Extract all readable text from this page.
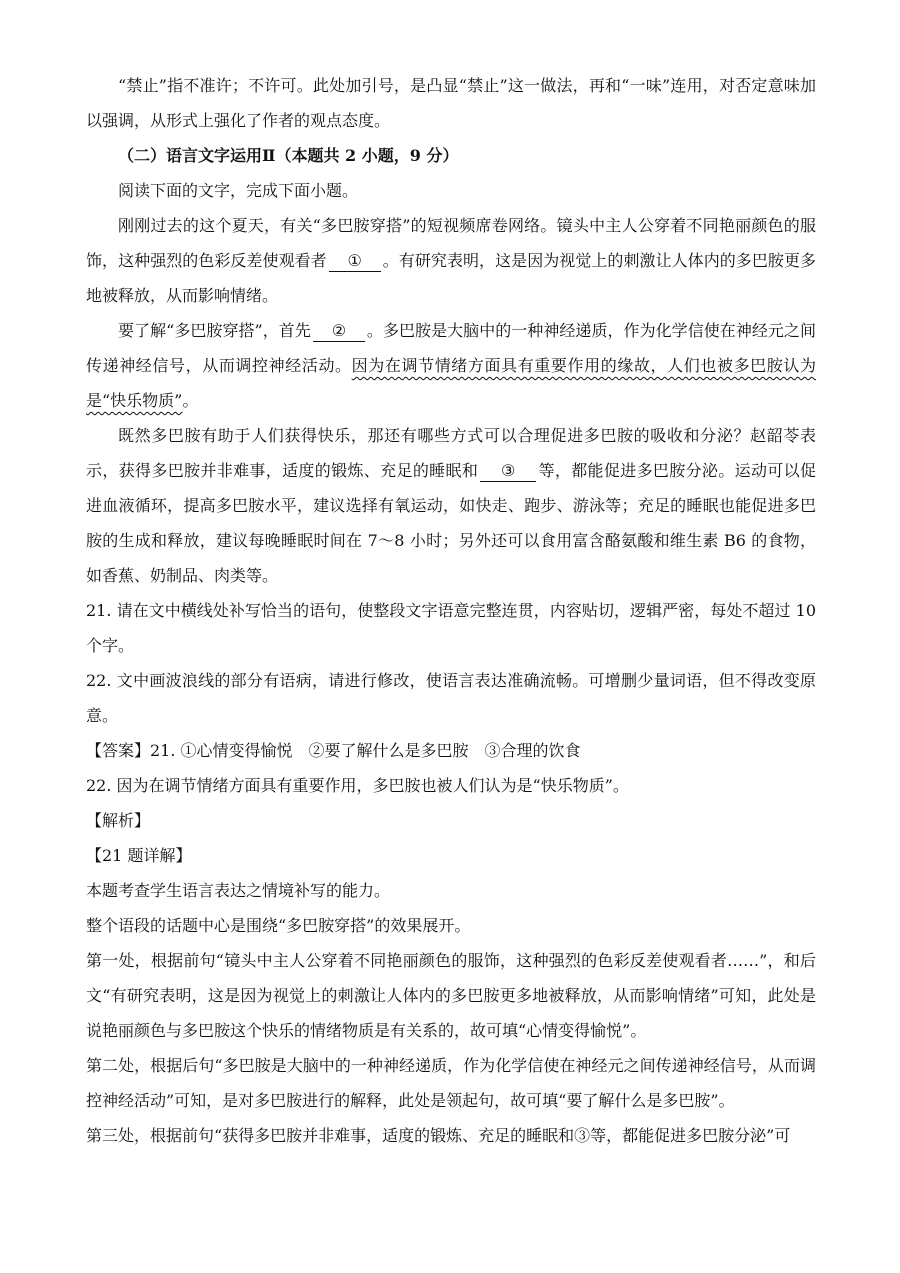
“禁止”指不准许；不许可。此处加引号，是凸显“禁止”这一做法，再和“一味”连用，对否定意味加以强调，从形式上强化了作者的观点态度。

（二）语言文字运用Ⅱ（本题共 2 小题，9 分）

阅读下面的文字，完成下面小题。

刚刚过去的这个夏天，有关“多巴胺穿搭”的短视频席卷网络。镜头中主人公穿着不同艳丽颜色的服饰，这种强烈的色彩反差使观看者 ① 。有研究表明，这是因为视觉上的刺激让人体内的多巴胺更多地被释放，从而影响情绪。

要了解“多巴胺穿搭”，首先 ② 。多巴胺是大脑中的一种神经递质，作为化学信使在神经元之间传递神经信号，从而调控神经活动。因为在调节情绪方面具有重要作用的缘故，人们也被多巴胺认为是“快乐物质”。

既然多巴胺有助于人们获得快乐，那还有哪些方式可以合理促进多巴胺的吸收和分泌？赵韶苓表示，获得多巴胺并非难事，适度的锻炼、充足的睡眠和 ③ 等，都能促进多巴胺分泌。运动可以促进血液循环，提高多巴胺水平，建议选择有氧运动，如快走、跑步、游泳等；充足的睡眠也能促进多巴胺的生成和释放，建议每晚睡眠时间在 7～8 小时；另外还可以食用富含酪氨酸和维生素 B6 的食物，如香蕉、奶制品、肉类等。

21. 请在文中横线处补写恰当的语句，使整段文字语意完整连贯，内容贴切，逻辑严密，每处不超过 10 个字。

22. 文中画波浪线的部分有语病，请进行修改，使语言表达准确流畅。可增删少量词语，但不得改变原意。

【答案】21. ①心情变得愉悦　②要了解什么是多巴胺　③合理的饮食

22. 因为在调节情绪方面具有重要作用，多巴胺也被人们认为是“快乐物质”。

【解析】

【21 题详解】

本题考查学生语言表达之情境补写的能力。

整个语段的话题中心是围绕“多巴胺穿搭”的效果展开。

第一处，根据前句“镜头中主人公穿着不同艳丽颜色的服饰，这种强烈的色彩反差使观看者……”，和后文“有研究表明，这是因为视觉上的刺激让人体内的多巴胺更多地被释放，从而影响情绪”可知，此处是说艳丽颜色与多巴胺这个快乐的情绪物质是有关系的，故可填“心情变得愉悦”。

第二处，根据后句“多巴胺是大脑中的一种神经递质，作为化学信使在神经元之间传递神经信号，从而调控神经活动”可知，是对多巴胺进行的解释，此处是领起句，故可填“要了解什么是多巴胺”。

第三处，根据前句“获得多巴胺并非难事，适度的锻炼、充足的睡眠和③等，都能促进多巴胺分泌”可
